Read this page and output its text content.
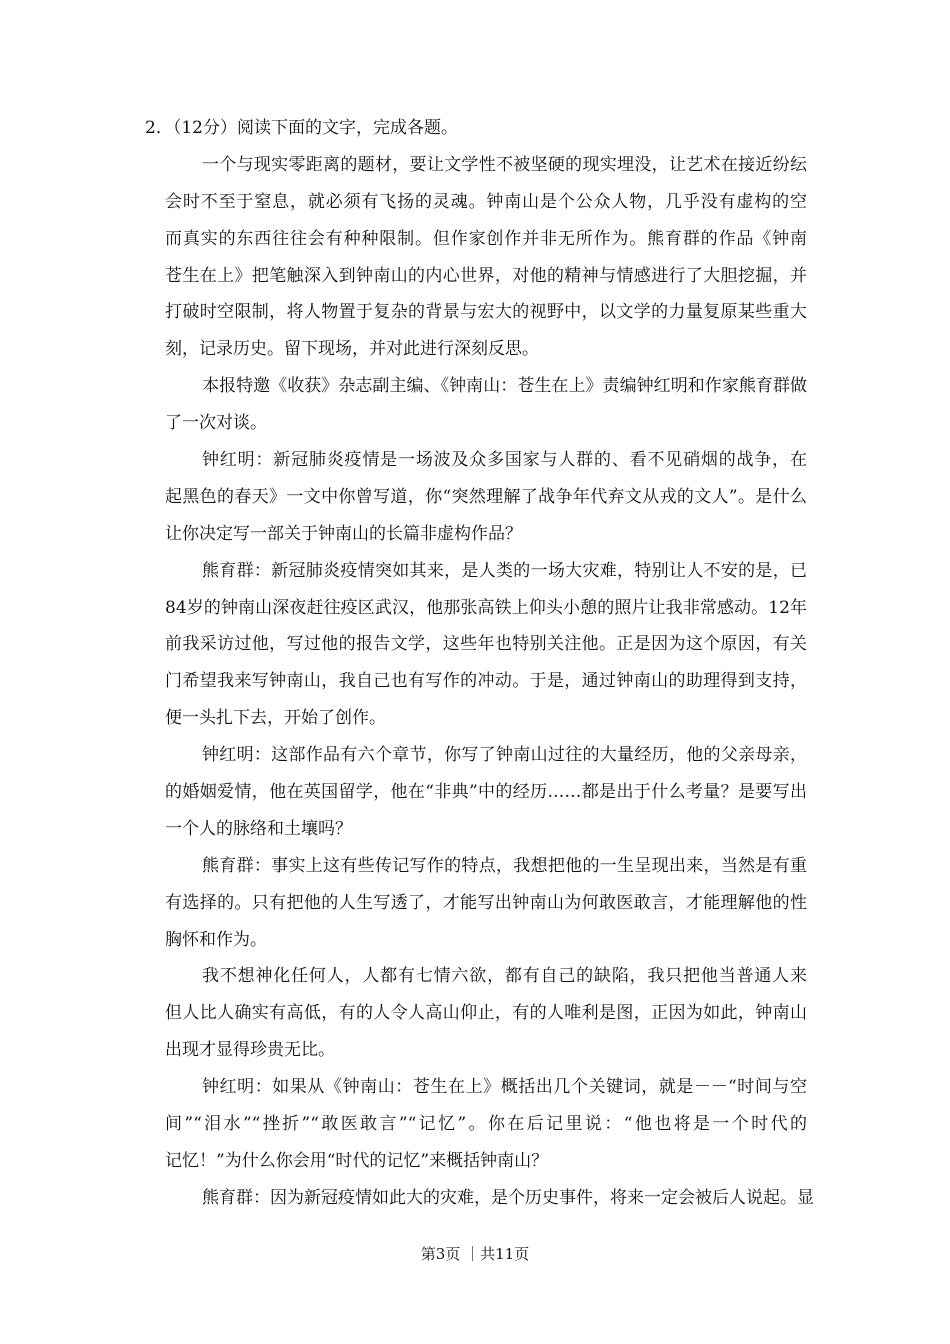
2．（12分）阅读下面的文字，完成各题。
一个与现实零距离的题材，要让文学性不被坚硬的现实埋没，让艺术在接近纷纭
会时不至于窒息，就必须有飞扬的灵魂。钟南山是个公众人物，几乎没有虚构的空
而真实的东西往往会有种种限制。但作家创作并非无所作为。熊育群的作品《钟南
苍生在上》把笔触深入到钟南山的内心世界，对他的精神与情感进行了大胆挖掘，并
打破时空限制，将人物置于复杂的背景与宏大的视野中，以文学的力量复原某些重大
刻，记录历史。留下现场，并对此进行深刻反思。
本报特邀《收获》杂志副主编、《钟南山：苍生在上》责编钟红明和作家熊育群做
了一次对谈。
钟红明：新冠肺炎疫情是一场波及众多国家与人群的、看不见硝烟的战争，在
起黑色的春天》一文中你曾写道，你“突然理解了战争年代弃文从戎的文人”。是什么
让你决定写一部关于钟南山的长篇非虚构作品？
熊育群：新冠肺炎疫情突如其来，是人类的一场大灾难，特别让人不安的是，已
84岁的钟南山深夜赶往疫区武汉，他那张高铁上仰头小憩的照片让我非常感动。12年
前我采访过他，写过他的报告文学，这些年也特别关注他。正是因为这个原因，有关
门希望我来写钟南山，我自己也有写作的冲动。于是，通过钟南山的助理得到支持，
便一头扎下去，开始了创作。
钟红明：这部作品有六个章节，你写了钟南山过往的大量经历，他的父亲母亲，
的婚姻爱情，他在英国留学，他在“非典”中的经历……都是出于什么考量？是要写出
一个人的脉络和土壤吗？
熊育群：事实上这有些传记写作的特点，我想把他的一生呈现出来，当然是有重
有选择的。只有把他的人生写透了，才能写出钟南山为何敢医敢言，才能理解他的性
胸怀和作为。
我不想神化任何人，人都有七情六欲，都有自己的缺陷，我只把他当普通人来
但人比人确实有高低，有的人令人高山仰止，有的人唯利是图，正因为如此，钟南山
出现才显得珍贵无比。
钟红明：如果从《钟南山：苍生在上》概括出几个关键词，就是－－“时间与空
间”“泪水”“挫折”“敢医敢言”“记忆”。你在后记里说：“他也将是一个时代的
记忆！”为什么你会用“时代的记忆”来概括钟南山？
熊育群：因为新冠疫情如此大的灾难，是个历史事件，将来一定会被后人说起。显
第3页 ｜共11页
